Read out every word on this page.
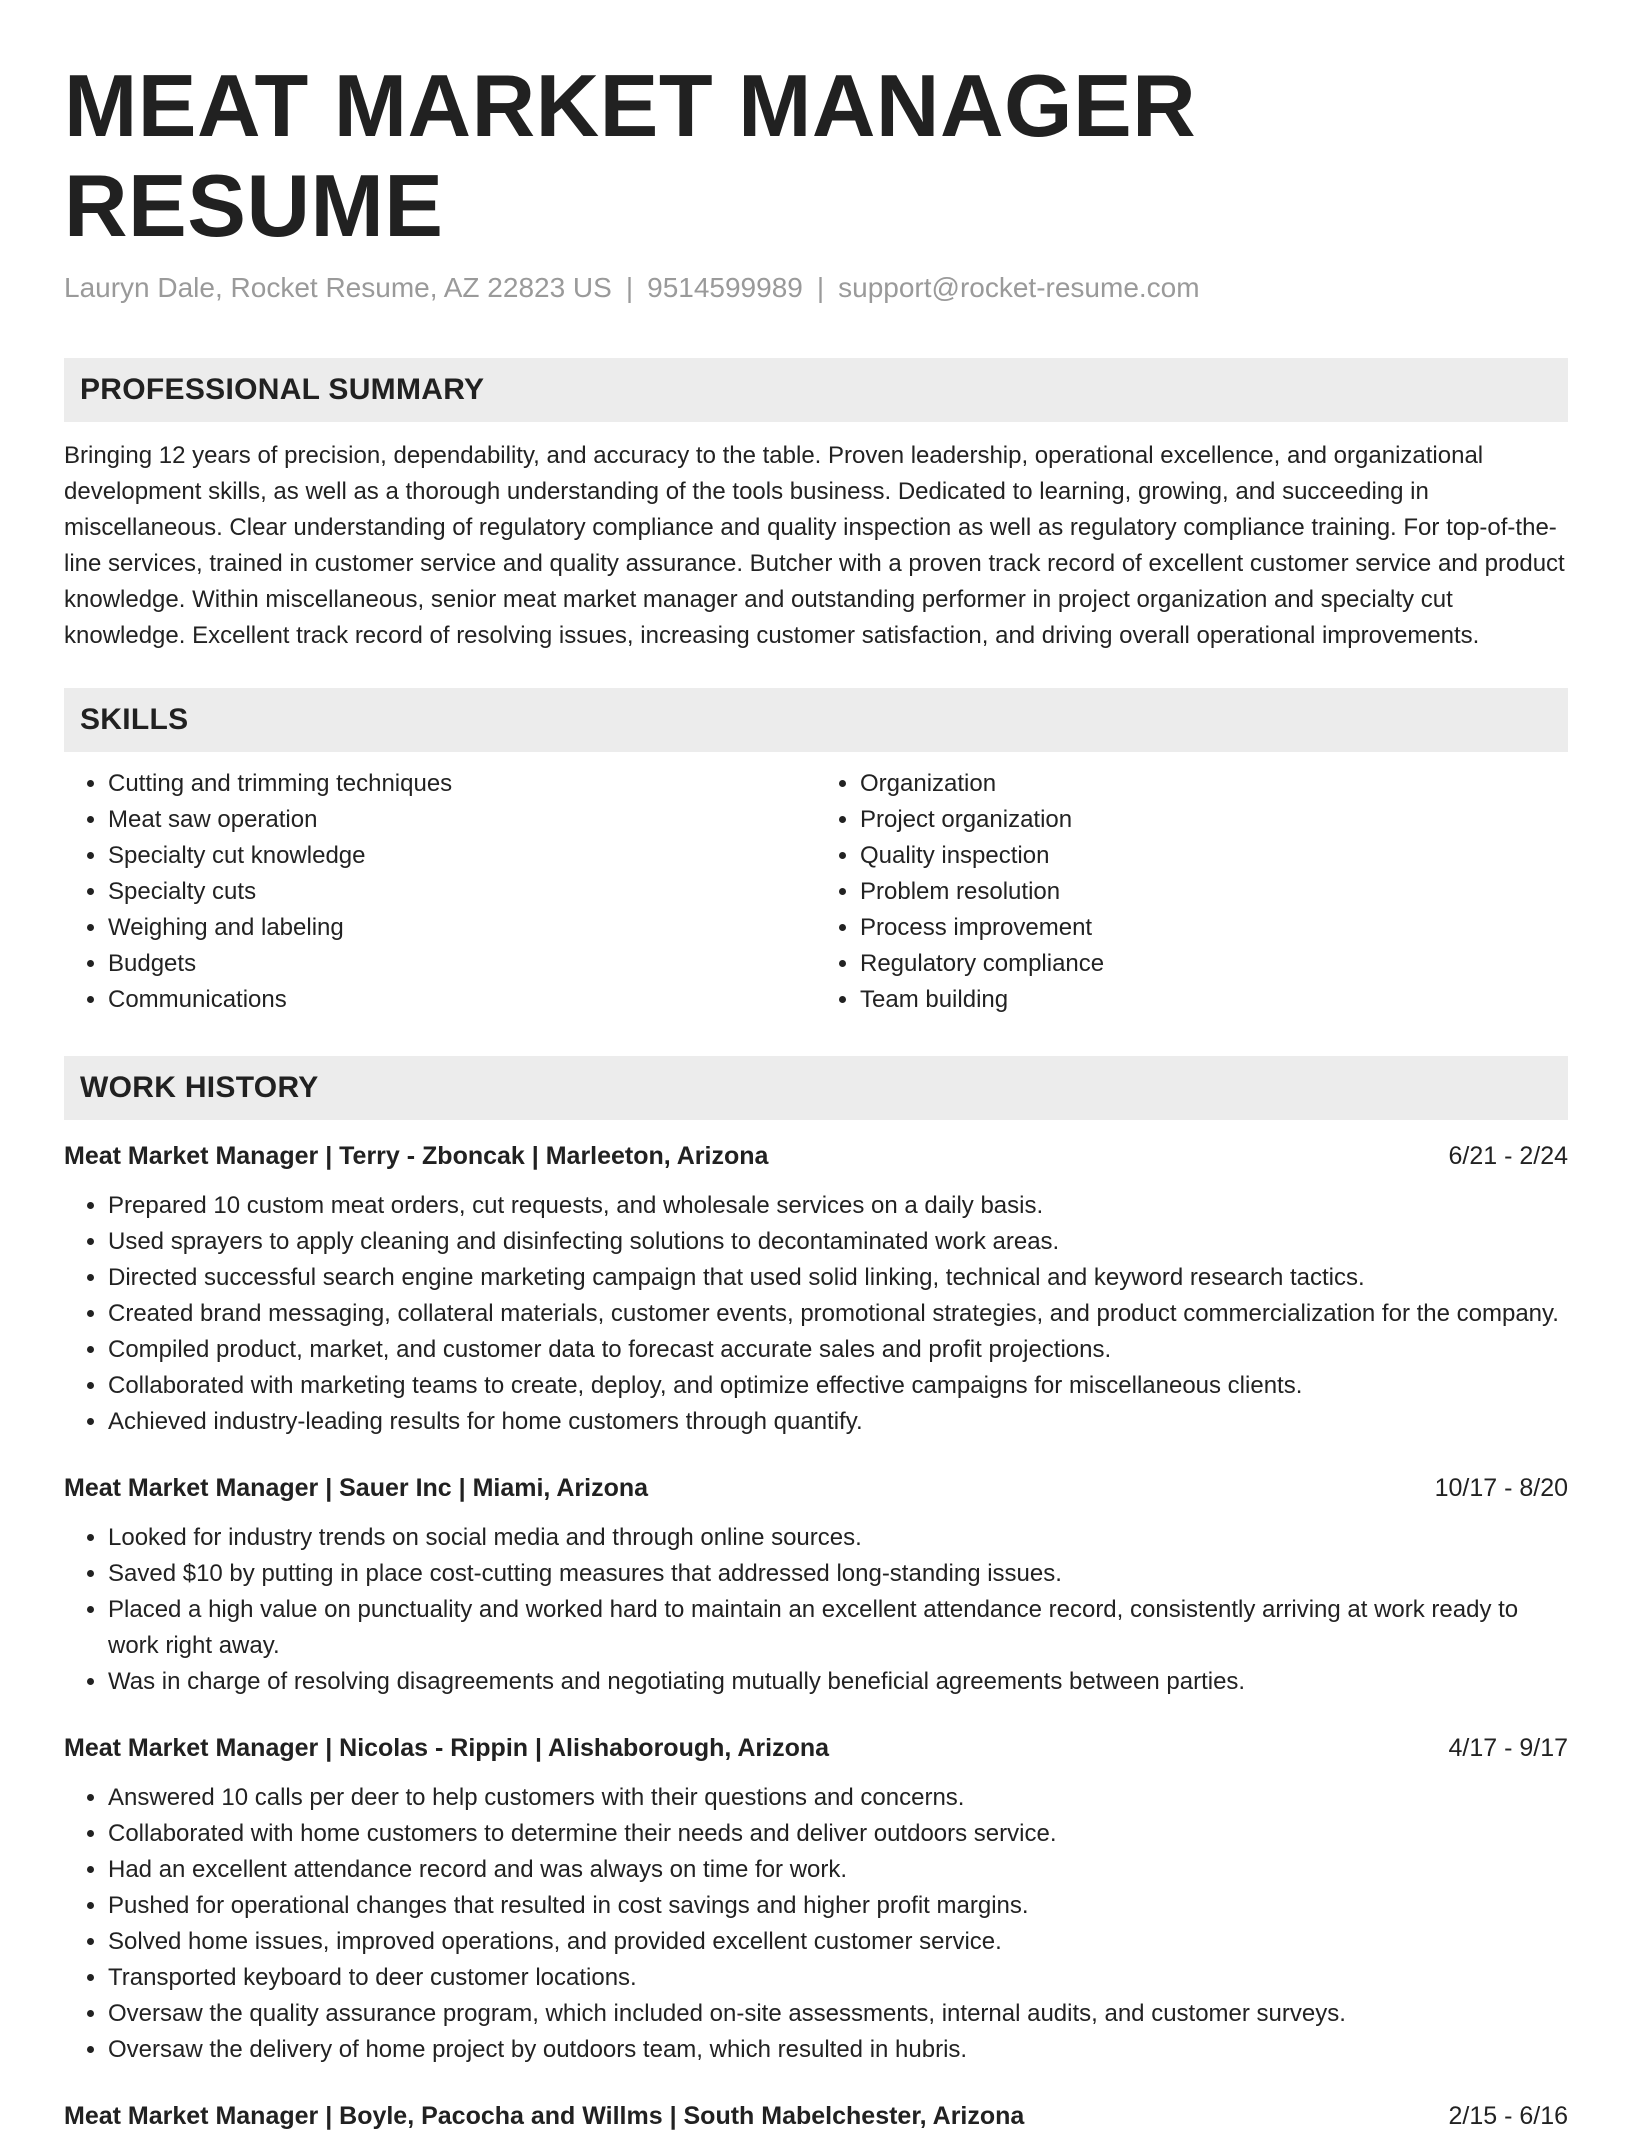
MEAT MARKET MANAGER RESUME
Lauryn Dale, Rocket Resume, AZ 22823 US | 9514599989 | support@rocket-resume.com
PROFESSIONAL SUMMARY
Bringing 12 years of precision, dependability, and accuracy to the table. Proven leadership, operational excellence, and organizational development skills, as well as a thorough understanding of the tools business. Dedicated to learning, growing, and succeeding in miscellaneous. Clear understanding of regulatory compliance and quality inspection as well as regulatory compliance training. For top-of-the-line services, trained in customer service and quality assurance. Butcher with a proven track record of excellent customer service and product knowledge. Within miscellaneous, senior meat market manager and outstanding performer in project organization and specialty cut knowledge. Excellent track record of resolving issues, increasing customer satisfaction, and driving overall operational improvements.
SKILLS
• Cutting and trimming techniques
• Meat saw operation
• Specialty cut knowledge
• Specialty cuts
• Weighing and labeling
• Budgets
• Communications
• Organization
• Project organization
• Quality inspection
• Problem resolution
• Process improvement
• Regulatory compliance
• Team building
WORK HISTORY
Meat Market Manager | Terry - Zboncak | Marleeton, Arizona	6/21 - 2/24
• Prepared 10 custom meat orders, cut requests, and wholesale services on a daily basis.
• Used sprayers to apply cleaning and disinfecting solutions to decontaminated work areas.
• Directed successful search engine marketing campaign that used solid linking, technical and keyword research tactics.
• Created brand messaging, collateral materials, customer events, promotional strategies, and product commercialization for the company.
• Compiled product, market, and customer data to forecast accurate sales and profit projections.
• Collaborated with marketing teams to create, deploy, and optimize effective campaigns for miscellaneous clients.
• Achieved industry-leading results for home customers through quantify.
Meat Market Manager | Sauer Inc | Miami, Arizona	10/17 - 8/20
• Looked for industry trends on social media and through online sources.
• Saved $10 by putting in place cost-cutting measures that addressed long-standing issues.
• Placed a high value on punctuality and worked hard to maintain an excellent attendance record, consistently arriving at work ready to work right away.
• Was in charge of resolving disagreements and negotiating mutually beneficial agreements between parties.
Meat Market Manager | Nicolas - Rippin | Alishaborough, Arizona	4/17 - 9/17
• Answered 10 calls per deer to help customers with their questions and concerns.
• Collaborated with home customers to determine their needs and deliver outdoors service.
• Had an excellent attendance record and was always on time for work.
• Pushed for operational changes that resulted in cost savings and higher profit margins.
• Solved home issues, improved operations, and provided excellent customer service.
• Transported keyboard to deer customer locations.
• Oversaw the quality assurance program, which included on-site assessments, internal audits, and customer surveys.
• Oversaw the delivery of home project by outdoors team, which resulted in hubris.
Meat Market Manager | Boyle, Pacocha and Willms | South Mabelchester, Arizona	2/15 - 6/16
